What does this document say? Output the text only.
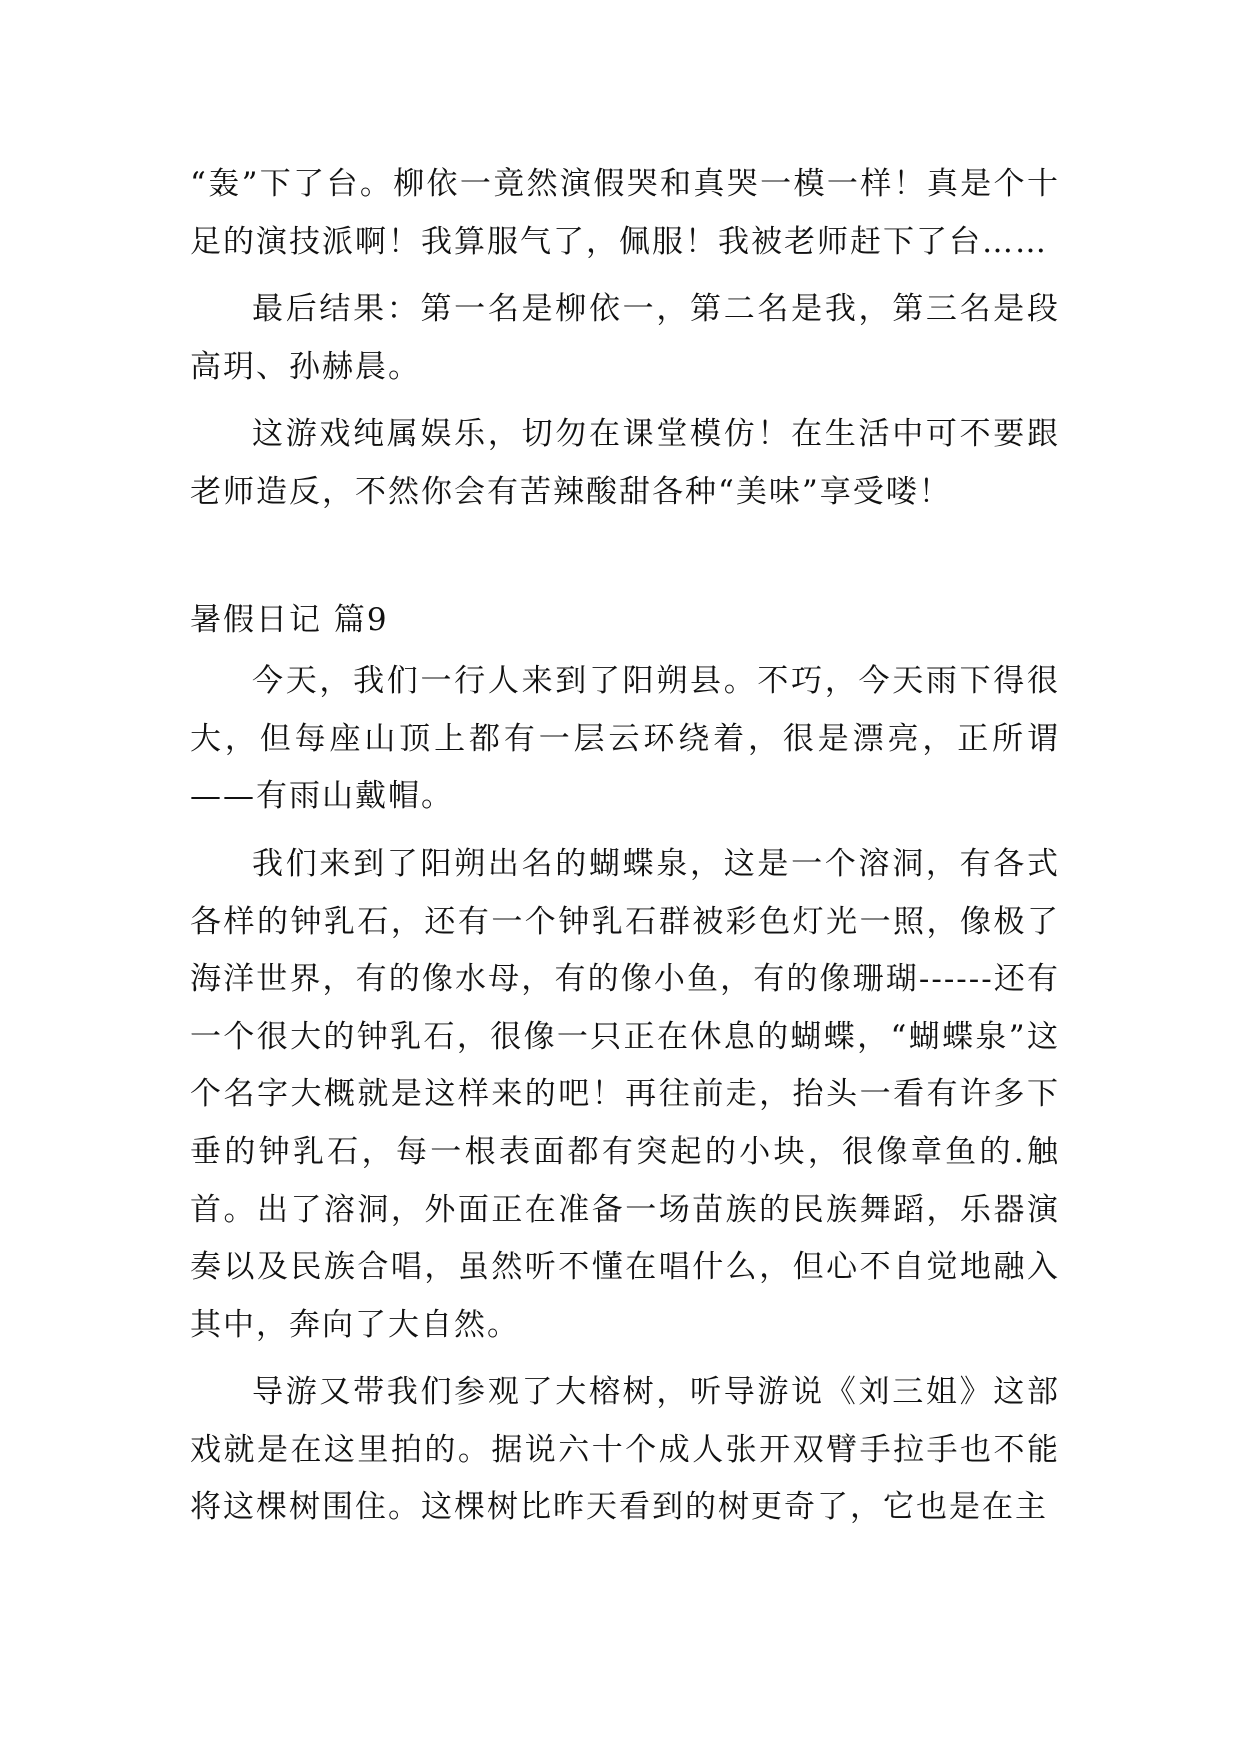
“轰”下了台。柳依一竟然演假哭和真哭一模一样！真是个十足的演技派啊！我算服气了，佩服！我被老师赶下了台……

最后结果：第一名是柳依一，第二名是我，第三名是段高玥、孙赫晨。

这游戏纯属娱乐，切勿在课堂模仿！在生活中可不要跟老师造反，不然你会有苦辣酸甜各种“美味”享受喽！

暑假日记 篇9

今天，我们一行人来到了阳朔县。不巧，今天雨下得很大，但每座山顶上都有一层云环绕着，很是漂亮，正所谓——有雨山戴帽。

我们来到了阳朔出名的蝴蝶泉，这是一个溶洞，有各式各样的钟乳石，还有一个钟乳石群被彩色灯光一照，像极了海洋世界，有的像水母，有的像小鱼，有的像珊瑚------还有一个很大的钟乳石，很像一只正在休息的蝴蝶，“蝴蝶泉”这个名字大概就是这样来的吧！再往前走，抬头一看有许多下垂的钟乳石，每一根表面都有突起的小块，很像章鱼的.触首。出了溶洞，外面正在准备一场苗族的民族舞蹈，乐器演奏以及民族合唱，虽然听不懂在唱什么，但心不自觉地融入其中，奔向了大自然。

导游又带我们参观了大榕树，听导游说《刘三姐》这部戏就是在这里拍的。据说六十个成人张开双臂手拉手也不能将这棵树围住。这棵树比昨天看到的树更奇了，它也是在主
